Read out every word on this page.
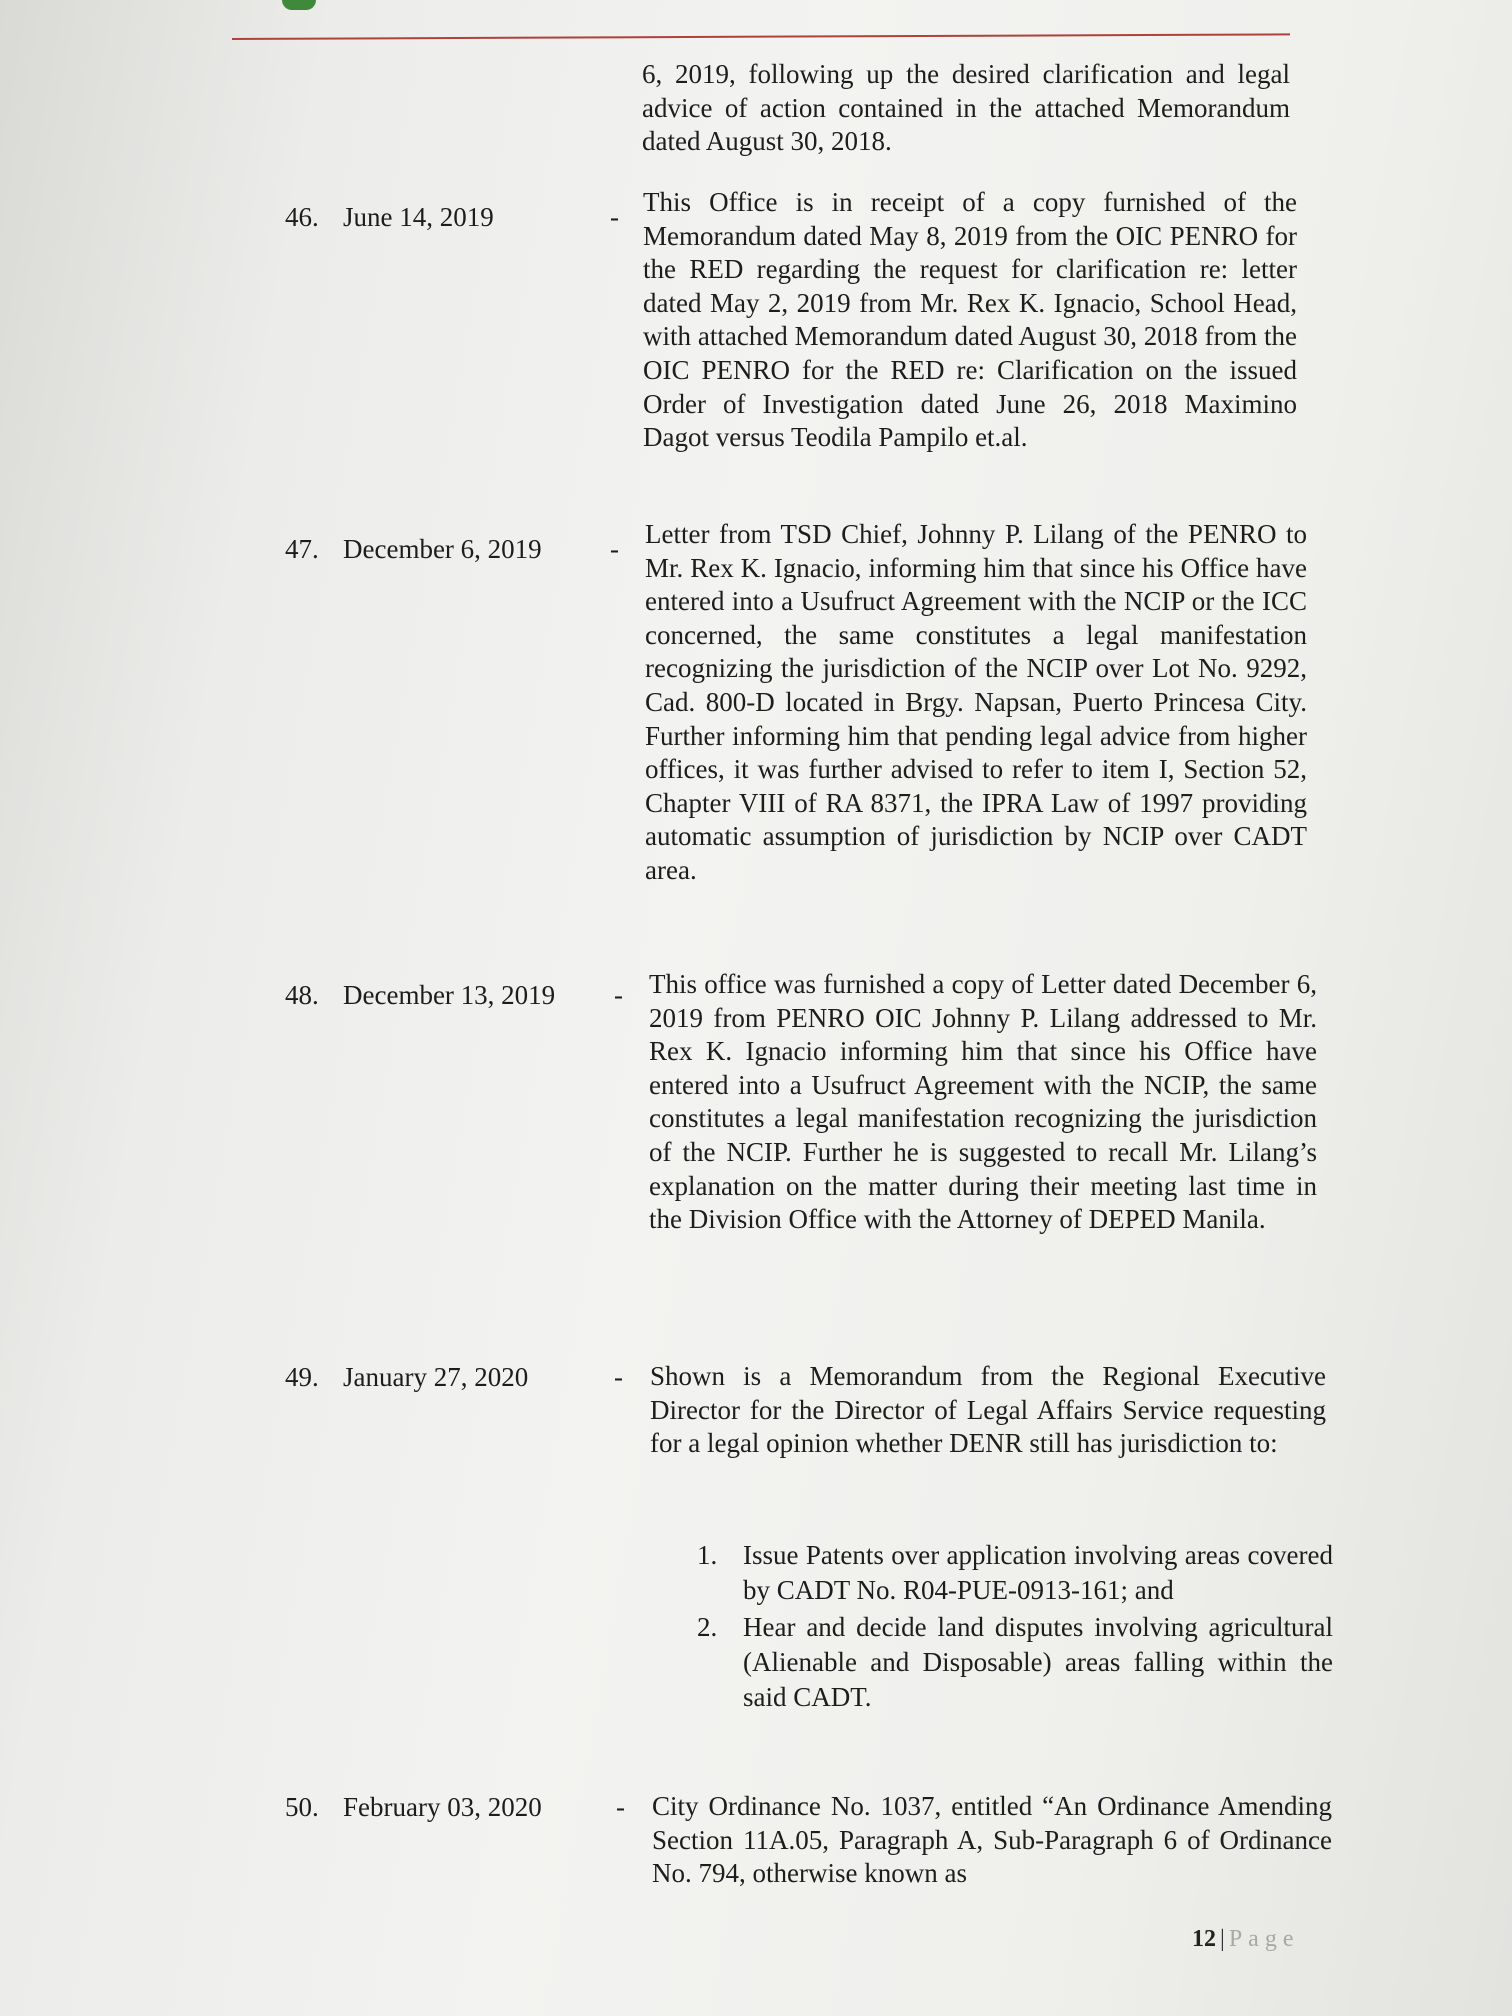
6, 2019, following up the desired clarification and legal advice of action contained in the attached Memorandum dated August 30, 2018.
46. June 14, 2019	- This Office is in receipt of a copy furnished of the Memorandum dated May 8, 2019 from the OIC PENRO for the RED regarding the request for clarification re: letter dated May 2, 2019 from Mr. Rex K. Ignacio, School Head, with attached Memorandum dated August 30, 2018 from the OIC PENRO for the RED re: Clarification on the issued Order of Investigation dated June 26, 2018 Maximino Dagot versus Teodila Pampilo et.al.
47. December 6, 2019	- Letter from TSD Chief, Johnny P. Lilang of the PENRO to Mr. Rex K. Ignacio, informing him that since his Office have entered into a Usufruct Agreement with the NCIP or the ICC concerned, the same constitutes a legal manifestation recognizing the jurisdiction of the NCIP over Lot No. 9292, Cad. 800-D located in Brgy. Napsan, Puerto Princesa City. Further informing him that pending legal advice from higher offices, it was further advised to refer to item I, Section 52, Chapter VIII of RA 8371, the IPRA Law of 1997 providing automatic assumption of jurisdiction by NCIP over CADT area.
48. December 13, 2019 - This office was furnished a copy of Letter dated December 6, 2019 from PENRO OIC Johnny P. Lilang addressed to Mr. Rex K. Ignacio informing him that since his Office have entered into a Usufruct Agreement with the NCIP, the same constitutes a legal manifestation recognizing the jurisdiction of the NCIP. Further he is suggested to recall Mr. Lilang’s explanation on the matter during their meeting last time in the Division Office with the Attorney of DEPED Manila.
49. January 27, 2020	- Shown is a Memorandum from the Regional Executive Director for the Director of Legal Affairs Service requesting for a legal opinion whether DENR still has jurisdiction to:
1. Issue Patents over application involving areas covered by CADT No. R04-PUE-0913-161; and
2. Hear and decide land disputes involving agricultural (Alienable and Disposable) areas falling within the said CADT.
50. February 03, 2020	- City Ordinance No. 1037, entitled “An Ordinance Amending Section 11A.05, Paragraph A, Sub-Paragraph 6 of Ordinance No. 794, otherwise known as
12 | Page
